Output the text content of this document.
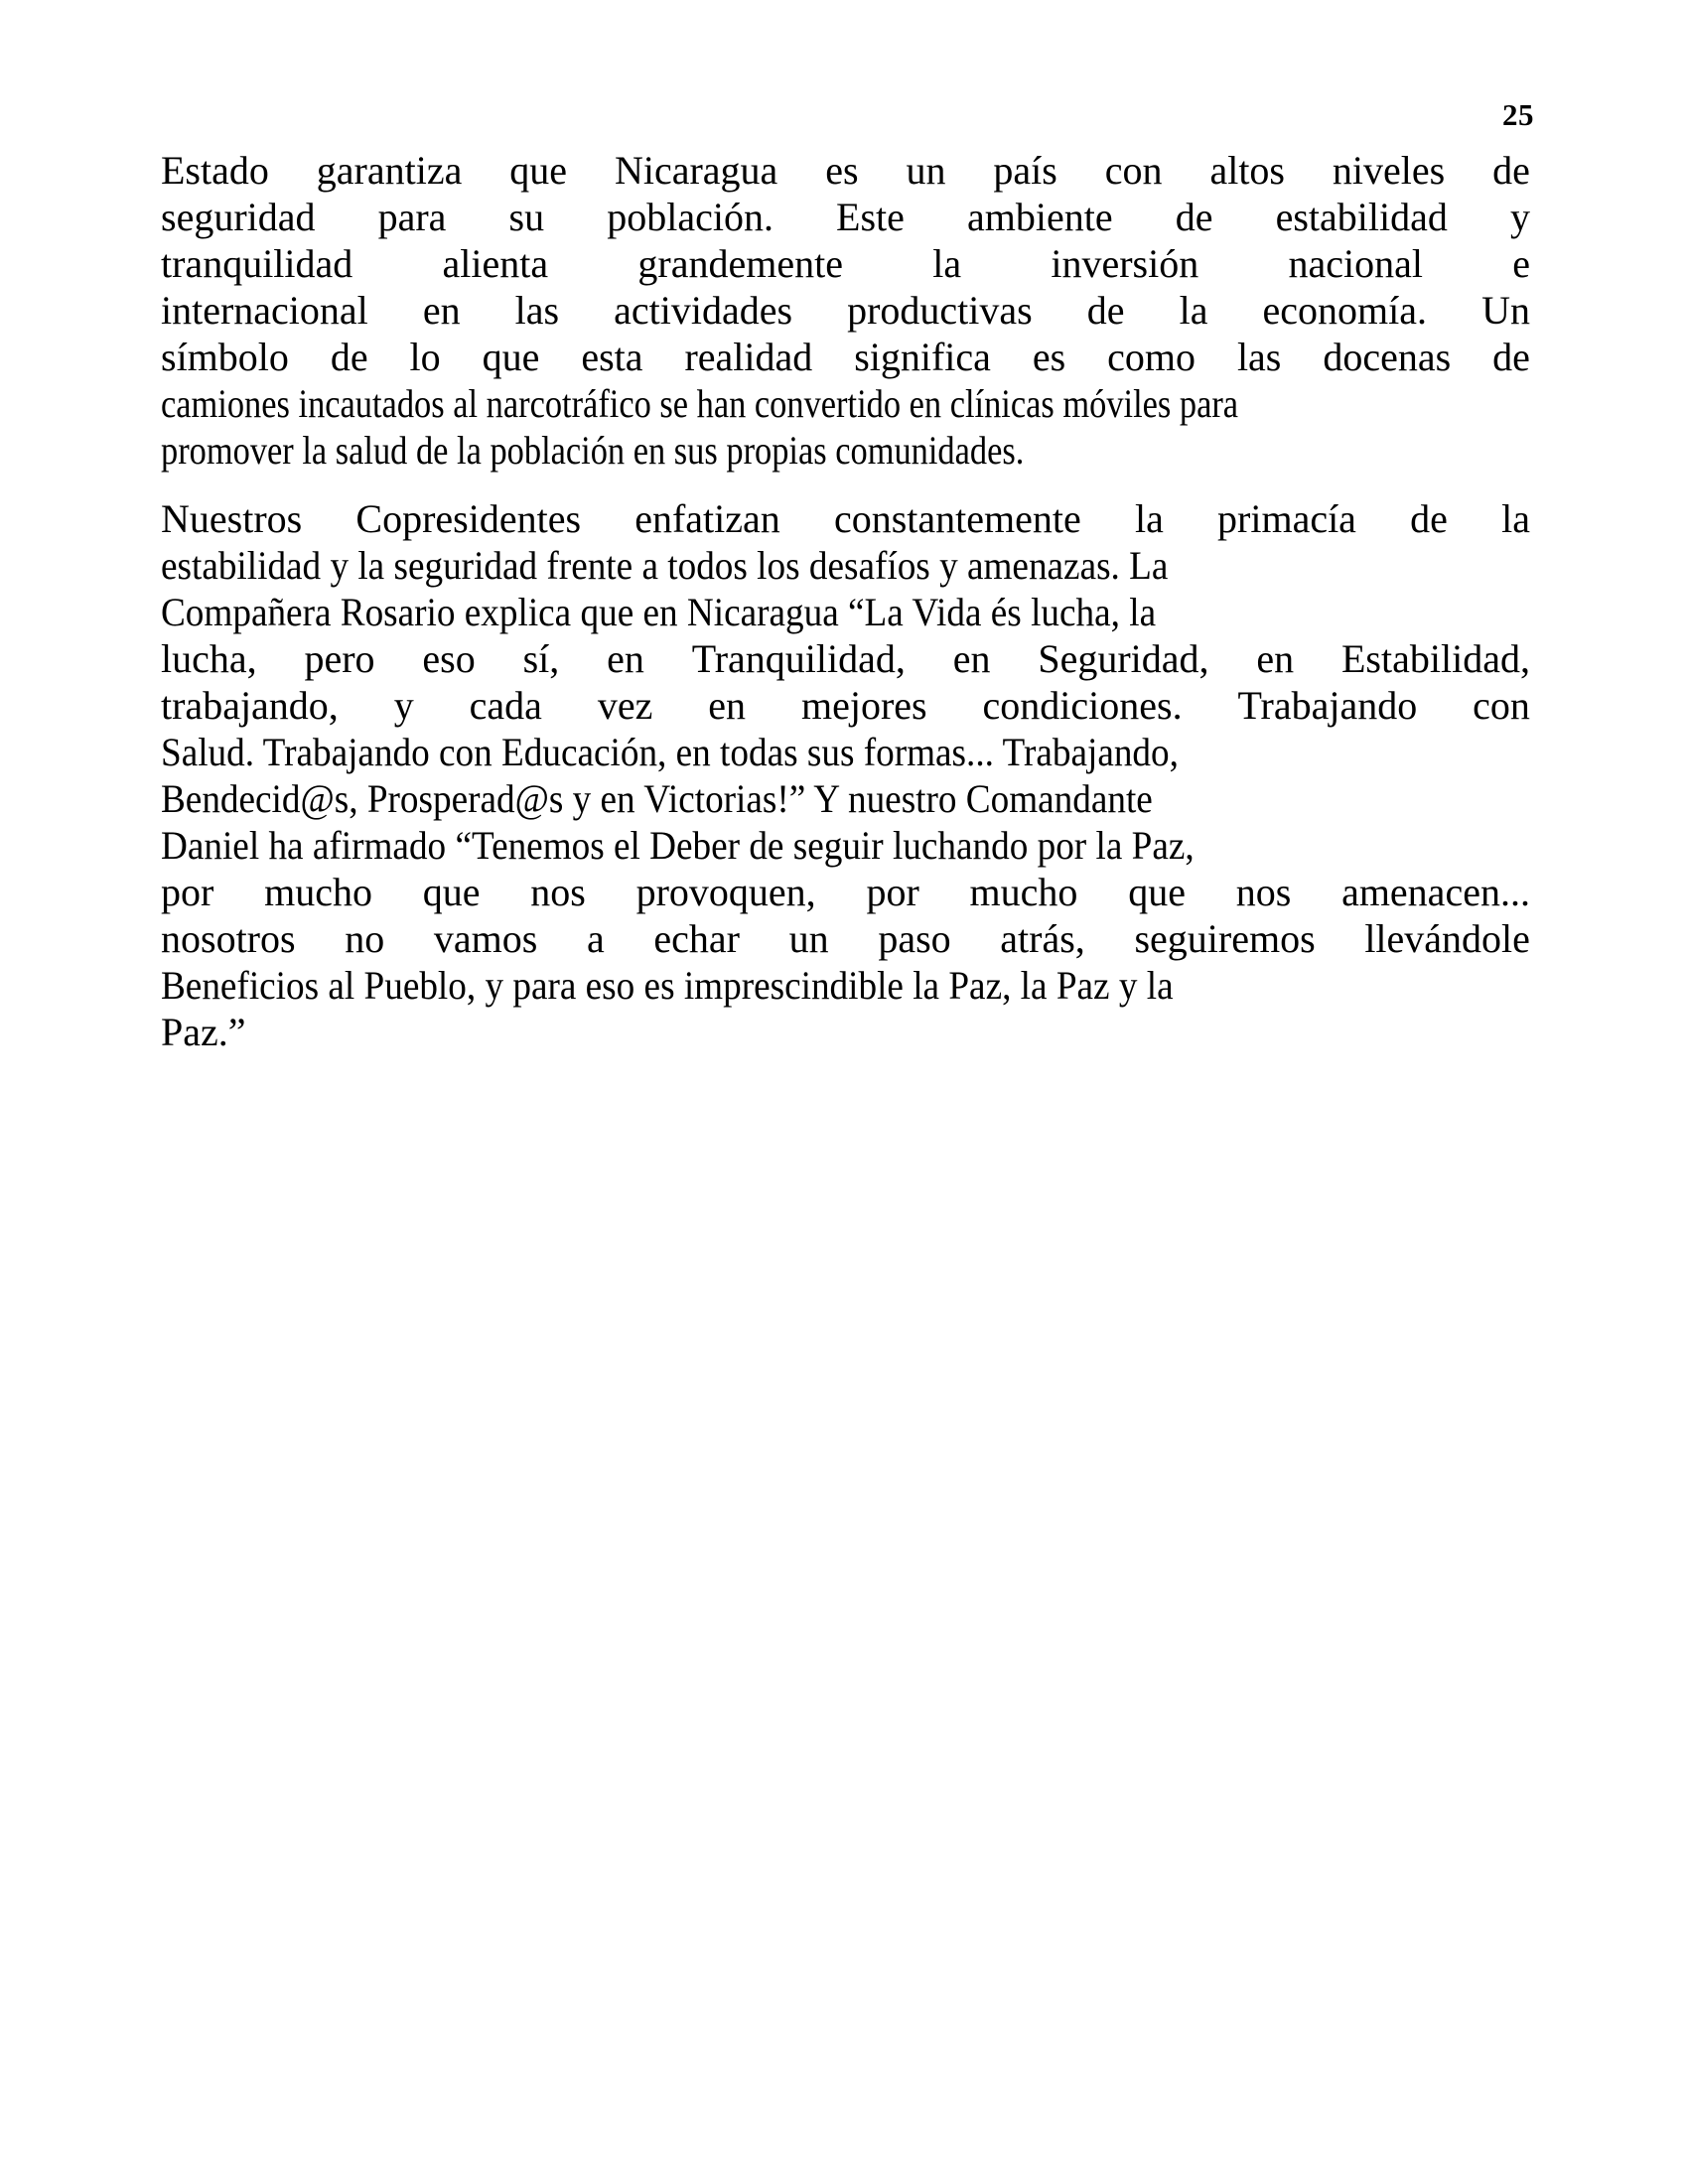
25

Estado garantiza que Nicaragua es un país con altos niveles de
seguridad para su población. Este ambiente de estabilidad y
tranquilidad alienta grandemente la inversión nacional e
internacional en las actividades productivas de la economía. Un
símbolo de lo que esta realidad significa es como las docenas de
camiones incautados al narcotráfico se han convertido en clínicas móviles para
promover la salud de la población en sus propias comunidades.

Nuestros Copresidentes enfatizan constantemente la primacía de la
estabilidad y la seguridad frente a todos los desafíos y amenazas. La
Compañera Rosario explica que en Nicaragua “La Vida és lucha, la
lucha, pero eso sí, en Tranquilidad, en Seguridad, en Estabilidad,
trabajando, y cada vez en mejores condiciones. Trabajando con
Salud. Trabajando con Educación, en todas sus formas... Trabajando,
Bendecid@s, Prosperad@s y en Victorias!” Y nuestro Comandante
Daniel ha afirmado “Tenemos el Deber de seguir luchando por la Paz,
por mucho que nos provoquen, por mucho que nos amenacen...
nosotros no vamos a echar un paso atrás, seguiremos llevándole
Beneficios al Pueblo, y para eso es imprescindible la Paz, la Paz y la
Paz.”
